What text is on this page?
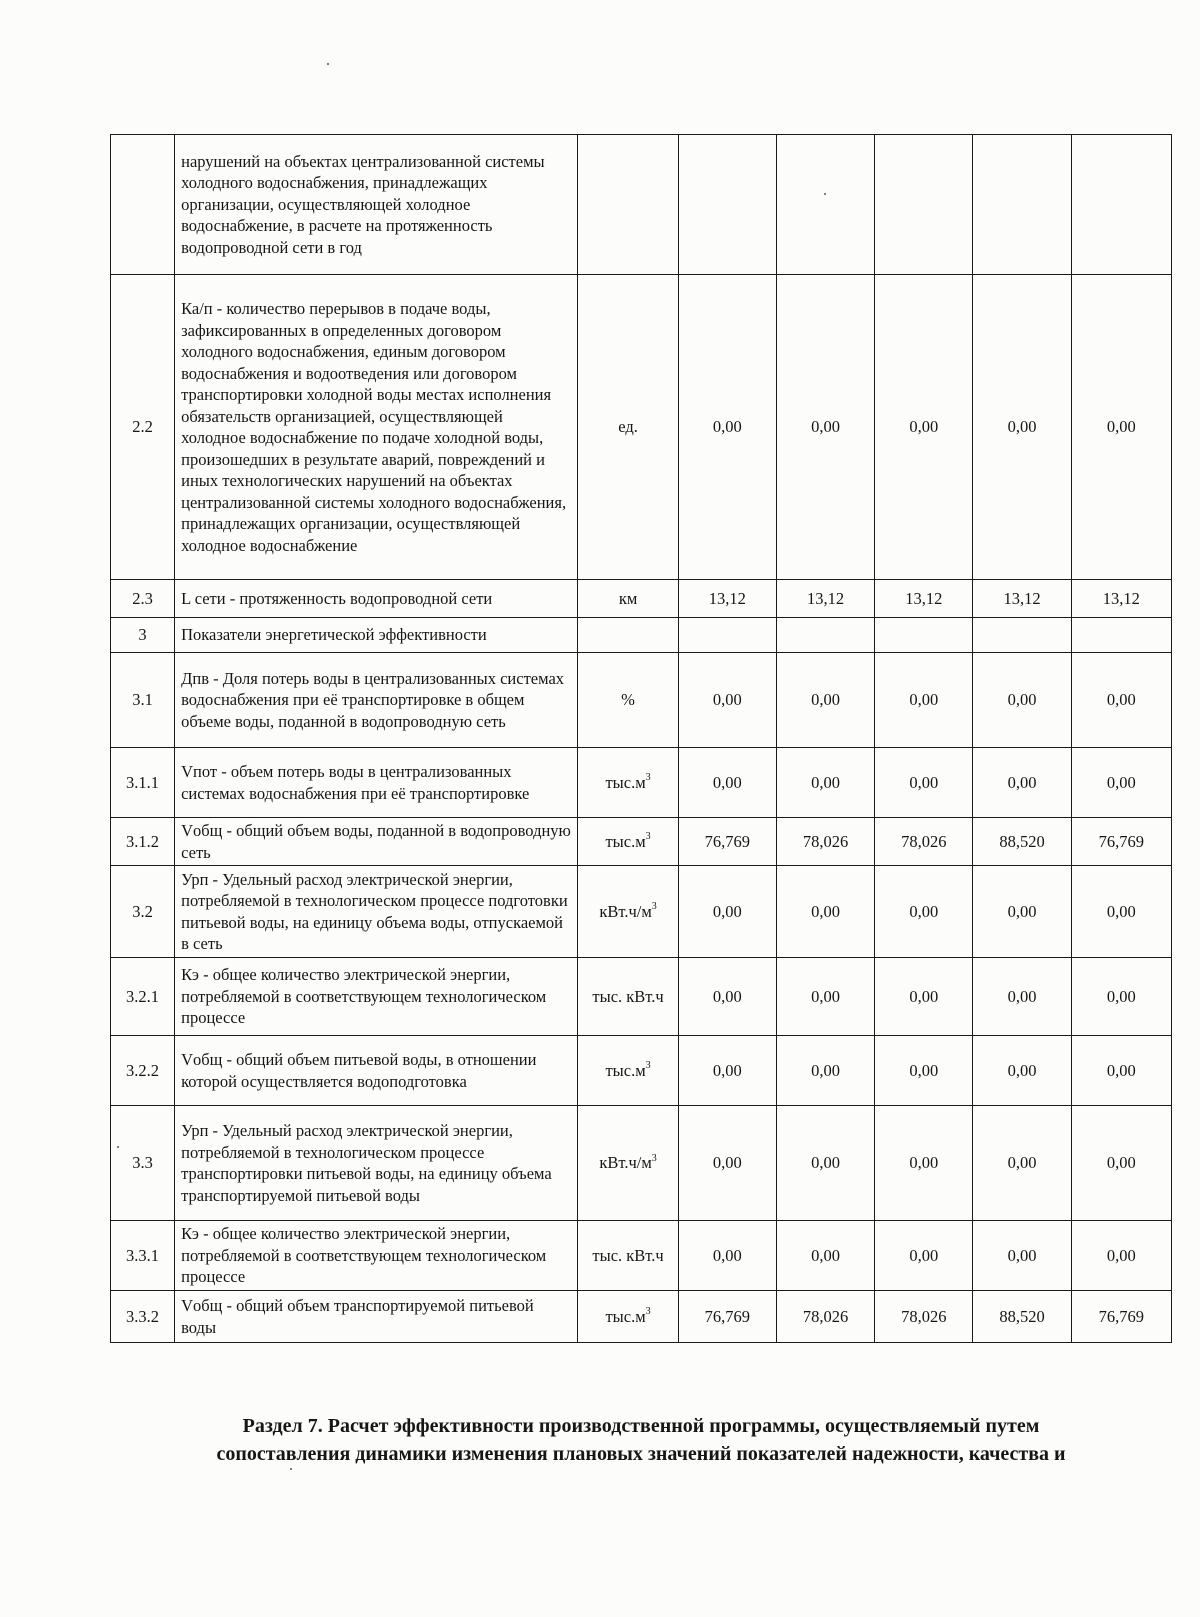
	нарушений на объектах централизованной системы холодного водоснабжения, принадлежащих организации, осуществляющей холодное водоснабжение, в расчете на протяженность водопроводной сети в год						
2.2	Ка/п - количество перерывов в подаче воды, зафиксированных в определенных договором холодного водоснабжения, единым договором водоснабжения и водоотведения или договором транспортировки холодной воды местах исполнения обязательств организацией, осуществляющей холодное водоснабжение по подаче холодной воды, произошедших в результате аварий, повреждений и иных технологических нарушений на объектах централизованной системы холодного водоснабжения, принадлежащих организации, осуществляющей холодное водоснабжение	ед.	0,00	0,00	0,00	0,00	0,00
2.3	L сети - протяженность водопроводной сети	км	13,12	13,12	13,12	13,12	13,12
3	Показатели энергетической эффективности						
3.1	Дпв - Доля потерь воды в централизованных системах водоснабжения при её транспортировке в общем объеме воды, поданной в водопроводную сеть	%	0,00	0,00	0,00	0,00	0,00
3.1.1	Vпот - объем потерь воды в централизованных системах водоснабжения при её транспортировке	$тыс.м^3$	0,00	0,00	0,00	0,00	0,00
3.1.2	Vобщ - общий объем воды, поданной в водопроводную сеть	$тыс.м^3$	76,769	78,026	78,026	88,520	76,769
3.2	Урп - Удельный расход электрической энергии, потребляемой в технологическом процессе подготовки питьевой воды, на единицу объема воды, отпускаемой в сеть	$кВт.ч/м^3$	0,00	0,00	0,00	0,00	0,00
3.2.1	Кэ - общее количество электрической энергии, потребляемой в соответствующем технологическом процессе	тыс. кВт.ч	0,00	0,00	0,00	0,00	0,00
3.2.2	Vобщ - общий объем питьевой воды, в отношении которой осуществляется водоподготовка	$тыс.м^3$	0,00	0,00	0,00	0,00	0,00
3.3	Урп - Удельный расход электрической энергии, потребляемой в технологическом процессе транспортировки питьевой воды, на единицу объема транспортируемой питьевой воды	$кВт.ч/м^3$	0,00	0,00	0,00	0,00	0,00
3.3.1	Кэ - общее количество электрической энергии, потребляемой в соответствующем технологическом процессе	тыс. кВт.ч	0,00	0,00	0,00	0,00	0,00
3.3.2	Vобщ - общий объем транспортируемой питьевой воды	$тыс.м^3$	76,769	78,026	78,026	88,520	76,769
Раздел 7. Расчет эффективности производственной программы, осуществляемый путем
сопоставления динамики изменения плановых значений показателей надежности, качества и
